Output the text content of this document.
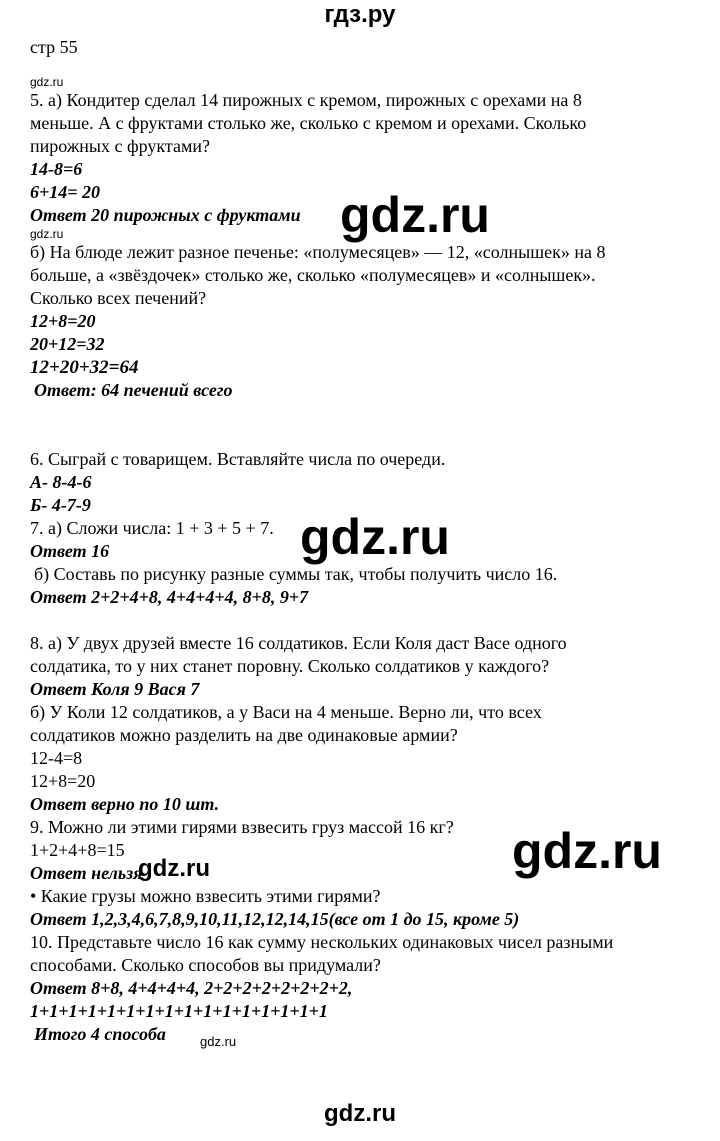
гдз.ру
стр 55
gdz.ru
5. а) Кондитер сделал 14 пирожных с кремом, пирожных с орехами на 8
меньше. А с фруктами столько же, сколько с кремом и орехами. Сколько
пирожных с фруктами?
14-8=6
6+14= 20
Ответ 20 пирожных с фруктами
gdz.ru
б) На блюде лежит разное печенье: «полумесяцев» — 12, «солнышек» на 8
больше, а «звёздочек» столько же, сколько «полумесяцев» и «солнышек».
Сколько всех печений?
12+8=20
20+12=32
12+20+32=64
Ответ: 64 печений всего
6. Сыграй с товарищем. Вставляйте числа по очереди.
А- 8-4-6
Б- 4-7-9
7. а) Сложи числа: 1 + 3 + 5 + 7.
Ответ 16
б) Составь по рисунку разные суммы так, чтобы получить число 16.
Ответ 2+2+4+8, 4+4+4+4, 8+8, 9+7
8. а) У двух друзей вместе 16 солдатиков. Если Коля даст Васе одного
солдатика, то у них станет поровну. Сколько солдатиков у каждого?
Ответ Коля 9 Вася 7
б) У Коли 12 солдатиков, а у Васи на 4 меньше. Верно ли, что всех
солдатиков можно разделить на две одинаковые армии?
12-4=8
12+8=20
Ответ верно по 10 шт.
9. Можно ли этими гирями взвесить груз массой 16 кг?
1+2+4+8=15
Ответ нельзя
• Какие грузы можно взвесить этими гирями?
Ответ 1,2,3,4,6,7,8,9,10,11,12,12,14,15(все от 1 до 15, кроме 5)
10. Представьте число 16 как сумму нескольких одинаковых чисел разными
способами. Сколько способов вы придумали?
Ответ 8+8, 4+4+4+4, 2+2+2+2+2+2+2+2,
1+1+1+1+1+1+1+1+1+1+1+1+1+1+1+1
Итого 4 способа
gdz.ru
gdz.ru
gdz.ru
gdz.ru
gdz.ru
gdz.ru
